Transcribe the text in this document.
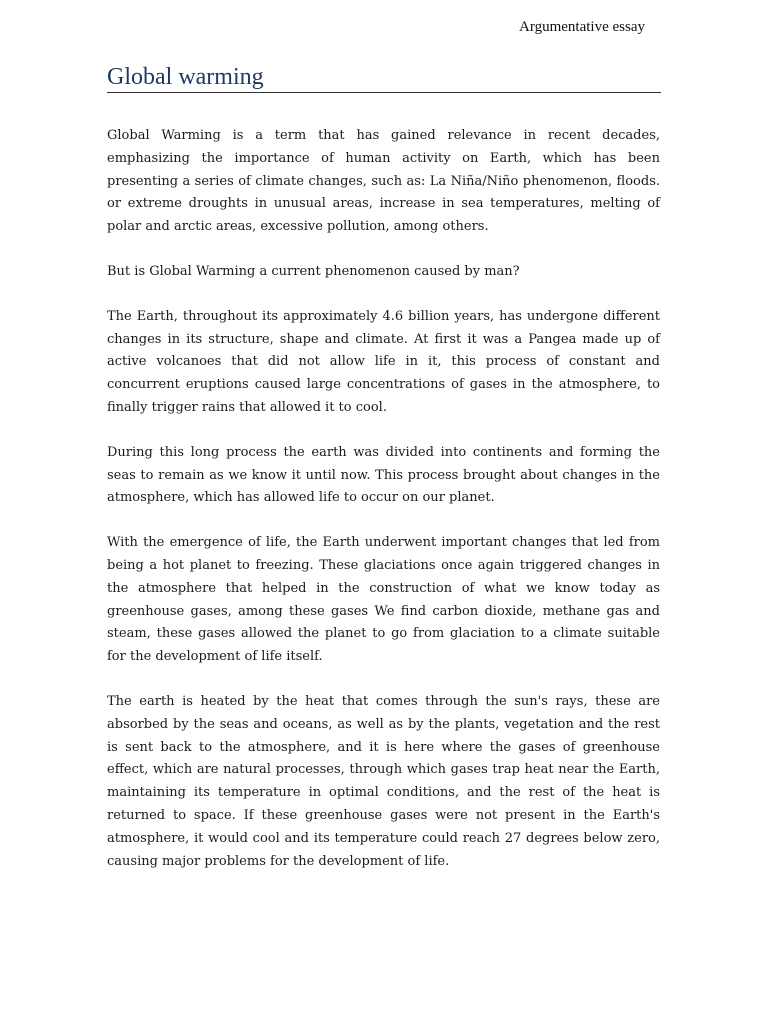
Argumentative essay
Global warming

Global Warming is a term that has gained relevance in recent decades, emphasizing the importance of human activity on Earth, which has been presenting a series of climate changes, such as: La Niña/Niño phenomenon, floods. or extreme droughts in unusual areas, increase in sea temperatures, melting of polar and arctic areas, excessive pollution, among others.

But is Global Warming a current phenomenon caused by man?

The Earth, throughout its approximately 4.6 billion years, has undergone different changes in its structure, shape and climate. At first it was a Pangea made up of active volcanoes that did not allow life in it, this process of constant and concurrent eruptions caused large concentrations of gases in the atmosphere, to finally trigger rains that allowed it to cool.

During this long process the earth was divided into continents and forming the seas to remain as we know it until now. This process brought about changes in the atmosphere, which has allowed life to occur on our planet.

With the emergence of life, the Earth underwent important changes that led from being a hot planet to freezing. These glaciations once again triggered changes in the atmosphere that helped in the construction of what we know today as greenhouse gases, among these gases We find carbon dioxide, methane gas and steam, these gases allowed the planet to go from glaciation to a climate suitable for the development of life itself.

The earth is heated by the heat that comes through the sun's rays, these are absorbed by the seas and oceans, as well as by the plants, vegetation and the rest is sent back to the atmosphere, and it is here where the gases of greenhouse effect, which are natural processes, through which gases trap heat near the Earth, maintaining its temperature in optimal conditions, and the rest of the heat is returned to space. If these greenhouse gases were not present in the Earth's atmosphere, it would cool and its temperature could reach 27 degrees below zero, causing major problems for the development of life.
